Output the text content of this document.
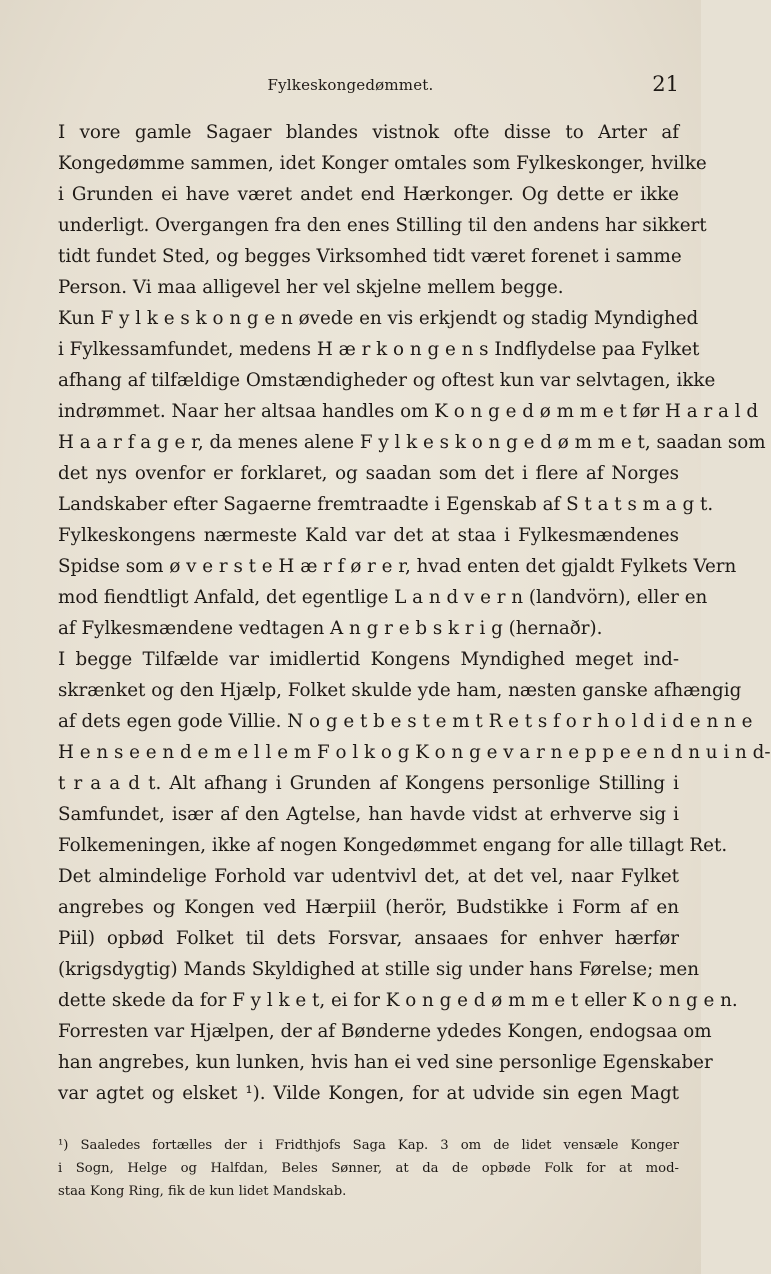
Fylkeskongedømmet.	21
I vore gamle Sagaer blandes vistnok ofte disse to Arter af
Kongedømme sammen, idet Konger omtales som Fylkeskonger, hvilke
i Grunden ei have været andet end Hærkonger. Og dette er ikke
underligt. Overgangen fra den enes Stilling til den andens har sikkert
tidt fundet Sted, og begges Virksomhed tidt været forenet i samme
Person. Vi maa alligevel her vel skjelne mellem begge.
Kun F y l k e s k o n g e n øvede en vis erkjendt og stadig Myndighed
i Fylkessamfundet, medens H æ r k o n g e n s Indflydelse paa Fylket
afhang af tilfældige Omstændigheder og oftest kun var selvtagen, ikke
indrømmet. Naar her altsaa handles om K o n g e d ø m m e t før H a r a l d
H a a r f a g e r, da menes alene F y l k e s k o n g e d ø m m e t, saadan som
det nys ovenfor er forklaret, og saadan som det i flere af Norges
Landskaber efter Sagaerne fremtraadte i Egenskab af S t a t s m a g t.
Fylkeskongens nærmeste Kald var det at staa i Fylkesmændenes
Spidse som ø v e r s t e H æ r f ø r e r, hvad enten det gjaldt Fylkets Vern
mod fiendtligt Anfald, det egentlige L a n d v e r n (landvörn), eller en
af Fylkesmændene vedtagen A n g r e b s k r i g (hernaðr).
I begge Tilfælde var imidlertid Kongens Myndighed meget ind-
skrænket og den Hjælp, Folket skulde yde ham, næsten ganske afhængig
af dets egen gode Villie. N o g e t b e s t e m t R e t s f o r h o l d i d e n n e
H e n s e e n d e m e l l e m F o l k o g K o n g e v a r n e p p e e n d n u i n d-
t r a a d t. Alt afhang i Grunden af Kongens personlige Stilling i
Samfundet, især af den Agtelse, han havde vidst at erhverve sig i
Folkemeningen, ikke af nogen Kongedømmet engang for alle tillagt Ret.
Det almindelige Forhold var udentvivl det, at det vel, naar Fylket
angrebes og Kongen ved Hærpiil (herör, Budstikke i Form af en
Piil) opbød Folket til dets Forsvar, ansaaes for enhver hærfør
(krigsdygtig) Mands Skyldighed at stille sig under hans Førelse; men
dette skede da for F y l k e t, ei for K o n g e d ø m m e t eller K o n g e n.
Forresten var Hjælpen, der af Bønderne ydedes Kongen, endogsaa om
han angrebes, kun lunken, hvis han ei ved sine personlige Egenskaber
var agtet og elsket ¹). Vilde Kongen, for at udvide sin egen Magt
¹) Saaledes fortælles der i Fridthjofs Saga Kap. 3 om de lidet vensæle Konger
i Sogn, Helge og Halfdan, Beles Sønner, at da de opbøde Folk for at mod-
staa Kong Ring, fik de kun lidet Mandskab.
